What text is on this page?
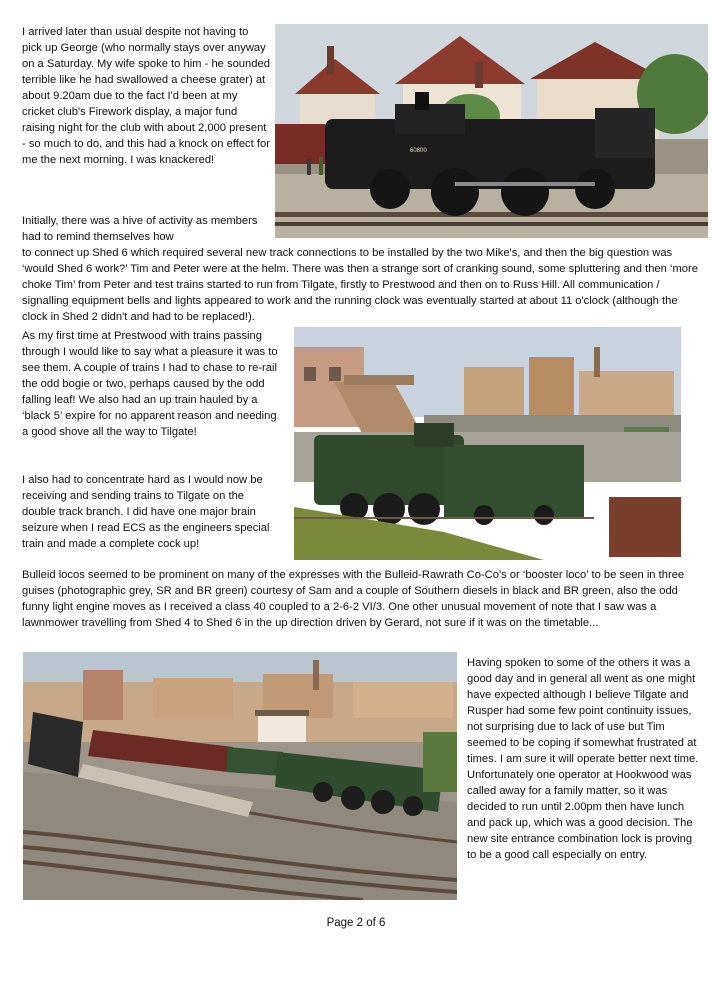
I arrived later than usual despite not having to pick up George (who normally stays over anyway on a Saturday. My wife spoke to him - he sounded terrible like he had swallowed a cheese grater) at about 9.20am due to the fact I'd been at my cricket club's Firework display, a major fund raising night for the club with about 2,000 present - so much to do, and this had a knock on effect for me the next morning. I was knackered!

Initially, there was a hive of activity as members had to remind themselves how

to connect up Shed 6 which required several new track connections to be installed by the two Mike's, and then the big question was ‘would Shed 6 work?’ Tim and Peter were at the helm. There was then a strange sort of cranking sound, some spluttering and then ‘more choke Tim’ from Peter and test trains started to run from Tilgate, firstly to Prestwood and then on to Russ Hill. All communication / signalling equipment bells and lights appeared to work and the running clock was eventually started at about 11 o'clock (although the clock in Shed 2 didn't and had to be replaced!).

As my first time at Prestwood with trains passing through I would like to say what a pleasure it was to see them. A couple of trains I had to chase to re-rail the odd bogie or two, perhaps caused by the odd falling leaf! We also had an up train hauled by a ‘black 5’ expire for no apparent reason and needing a good shove all the way to Tilgate!

I also had to concentrate hard as I would now be receiving and sending trains to Tilgate on the double track branch. I did have one major brain seizure when I read ECS as the engineers special train and made a complete cock up!

Bulleid locos seemed to be prominent on many of the expresses with the Bulleid-Rawrath Co-Co's or ‘booster loco’ to be seen in three guises (photographic grey, SR and BR green) courtesy of Sam and a couple of Southern diesels in black and BR green, also the odd funny light engine moves as I received a class 40 coupled to a 2-6-2 VI/3. One other unusual movement of note that I saw was a lawnmower travelling from Shed 4 to Shed 6 in the up direction driven by Gerard, not sure if it was on the timetable...

Having spoken to some of the others it was a good day and in general all went as one might have expected although I believe Tilgate and Rusper had some few point continuity issues, not surprising due to lack of use but Tim seemed to be coping if somewhat frustrated at times. I am sure it will operate better next time. Unfortunately one operator at Hookwood was called away for a family matter, so it was decided to run until 2.00pm then have lunch and pack up, which was a good decision. The new site entrance combination lock is proving to be a good call especially on entry.

60800
Page 2 of 6
